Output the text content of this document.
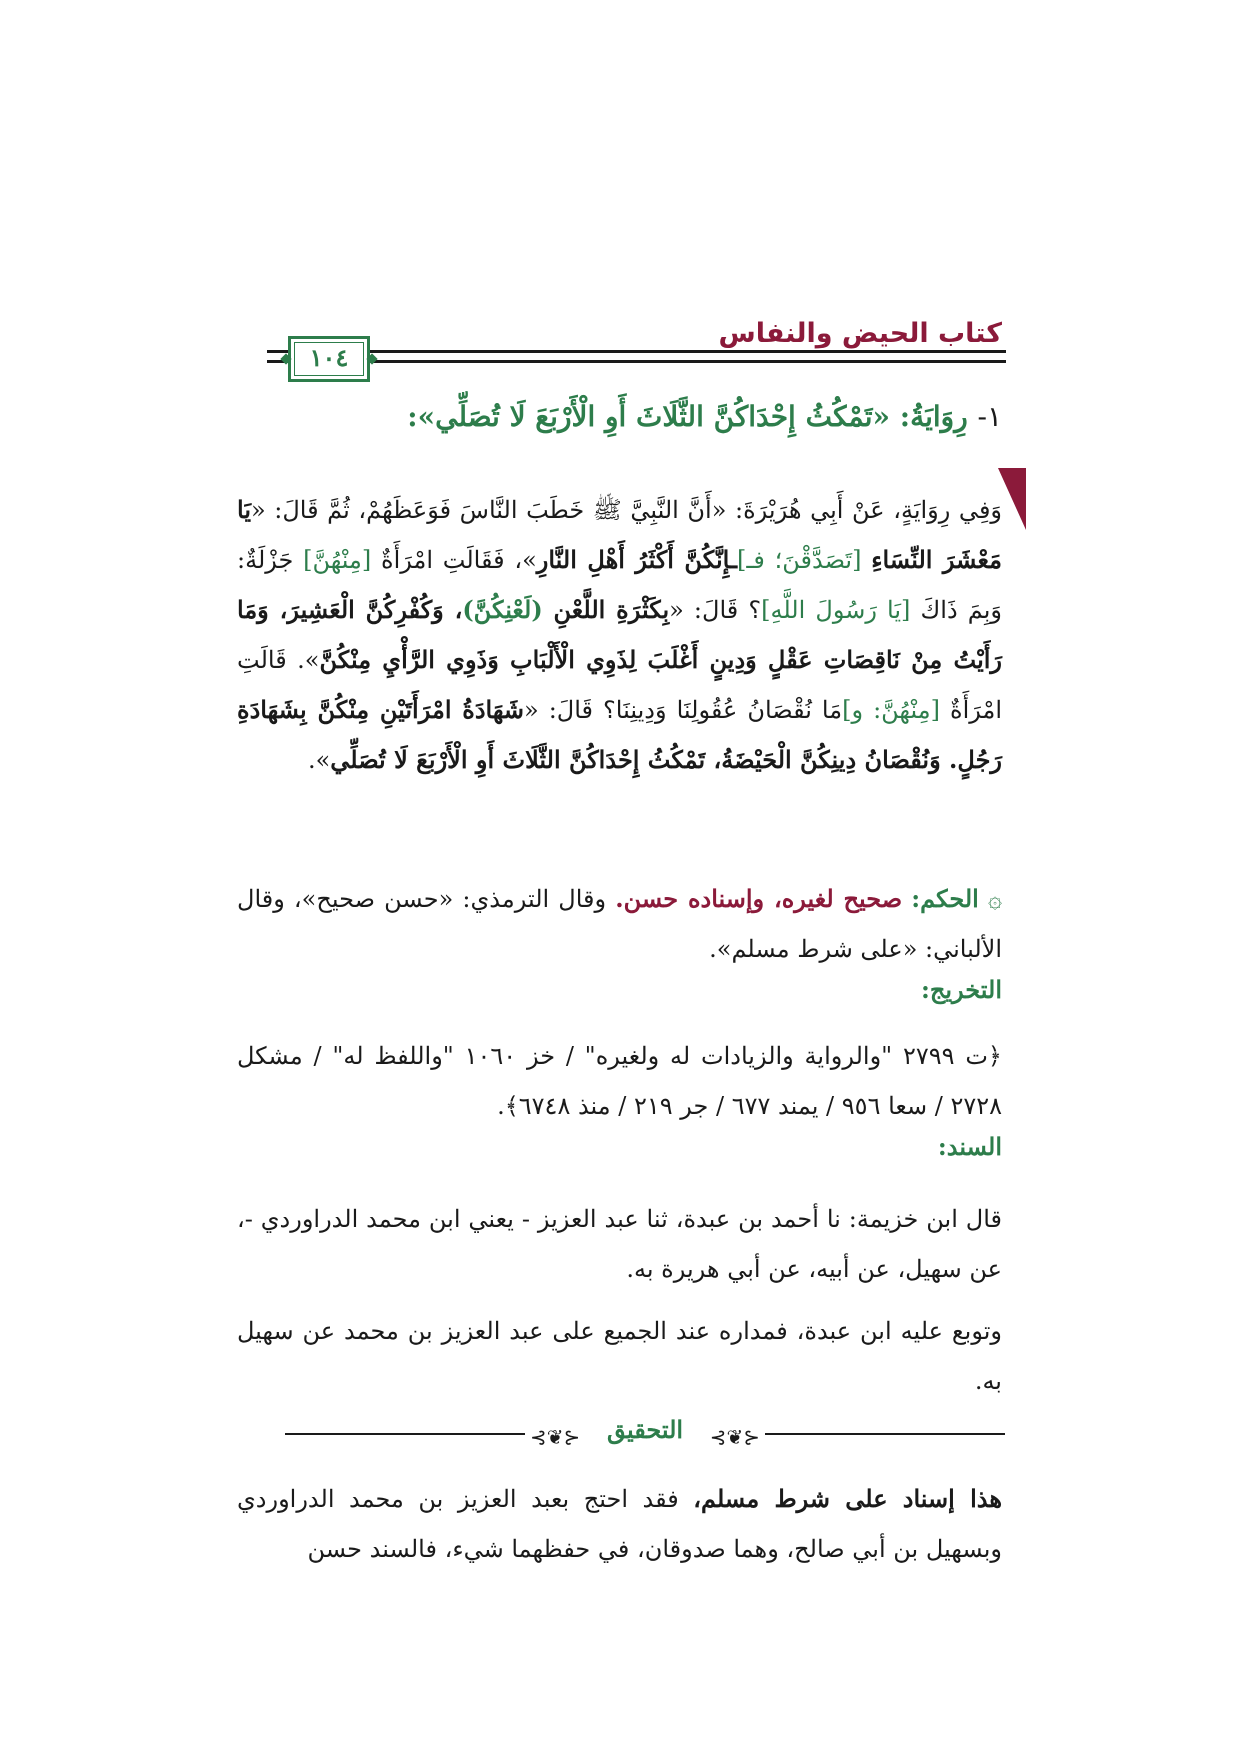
كتاب الحيض والنفاس
١٠٤
١- رِوَايَةُ: «تَمْكُثُ إِحْدَاكُنَّ الثَّلَاثَ أَوِ الْأَرْبَعَ لَا تُصَلِّي»:
وَفِي رِوَايَةٍ، عَنْ أَبِي هُرَيْرَةَ: «أَنَّ النَّبِيَّ ﷺ خَطَبَ النَّاسَ فَوَعَظَهُمْ، ثُمَّ قَالَ: «يَا مَعْشَرَ النِّسَاءِ [تَصَدَّقْنَ؛ فـ]ـإِنَّكُنَّ أَكْثَرُ أَهْلِ النَّارِ»، فَقَالَتِ امْرَأَةٌ [مِنْهُنَّ] جَزْلَةٌ: وَبِمَ ذَاكَ [يَا رَسُولَ اللَّهِ]؟ قَالَ: «بِكَثْرَةِ اللَّعْنِ (لَعْنِكُنَّ)، وَكُفْرِكُنَّ الْعَشِيرَ، وَمَا رَأَيْتُ مِنْ نَاقِصَاتِ عَقْلٍ وَدِينٍ أَغْلَبَ لِذَوِي الْأَلْبَابِ وَذَوِي الرَّأْيِ مِنْكُنَّ». قَالَتِ امْرَأَةٌ [مِنْهُنَّ: و]مَا نُقْصَانُ عُقُولِنَا وَدِينِنَا؟ قَالَ: «شَهَادَةُ امْرَأَتَيْنِ مِنْكُنَّ بِشَهَادَةِ رَجُلٍ. وَنُقْصَانُ دِينِكُنَّ الْحَيْضَةُ، تَمْكُثُ إِحْدَاكُنَّ الثَّلَاثَ أَوِ الْأَرْبَعَ لَا تُصَلِّي».
۞ الحكم: صحيح لغيره، وإسناده حسن. وقال الترمذي: «حسن صحيح»، وقال الألباني: «على شرط مسلم».
التخريج:
﴿ت ٢٧٩٩ "والرواية والزيادات له ولغيره" / خز ١٠٦٠ "واللفظ له" / مشكل ٢٧٢٨ / سعا ٩٥٦ / يمند ٦٧٧ / جر ٢١٩ / منذ ٦٧٤٨﴾.
السند:
قال ابن خزيمة: نا أحمد بن عبدة، ثنا عبد العزيز - يعني ابن محمد الدراوردي -، عن سهيل، عن أبيه، عن أبي هريرة به.
وتوبع عليه ابن عبدة، فمداره عند الجميع على عبد العزيز بن محمد عن سهيل به.
⊰❦⊱	⊰❦⊱
التحقيق
هذا إسناد على شرط مسلم، فقد احتج بعبد العزيز بن محمد الدراوردي وبسهيل بن أبي صالح، وهما صدوقان، في حفظهما شيء، فالسند حسن
